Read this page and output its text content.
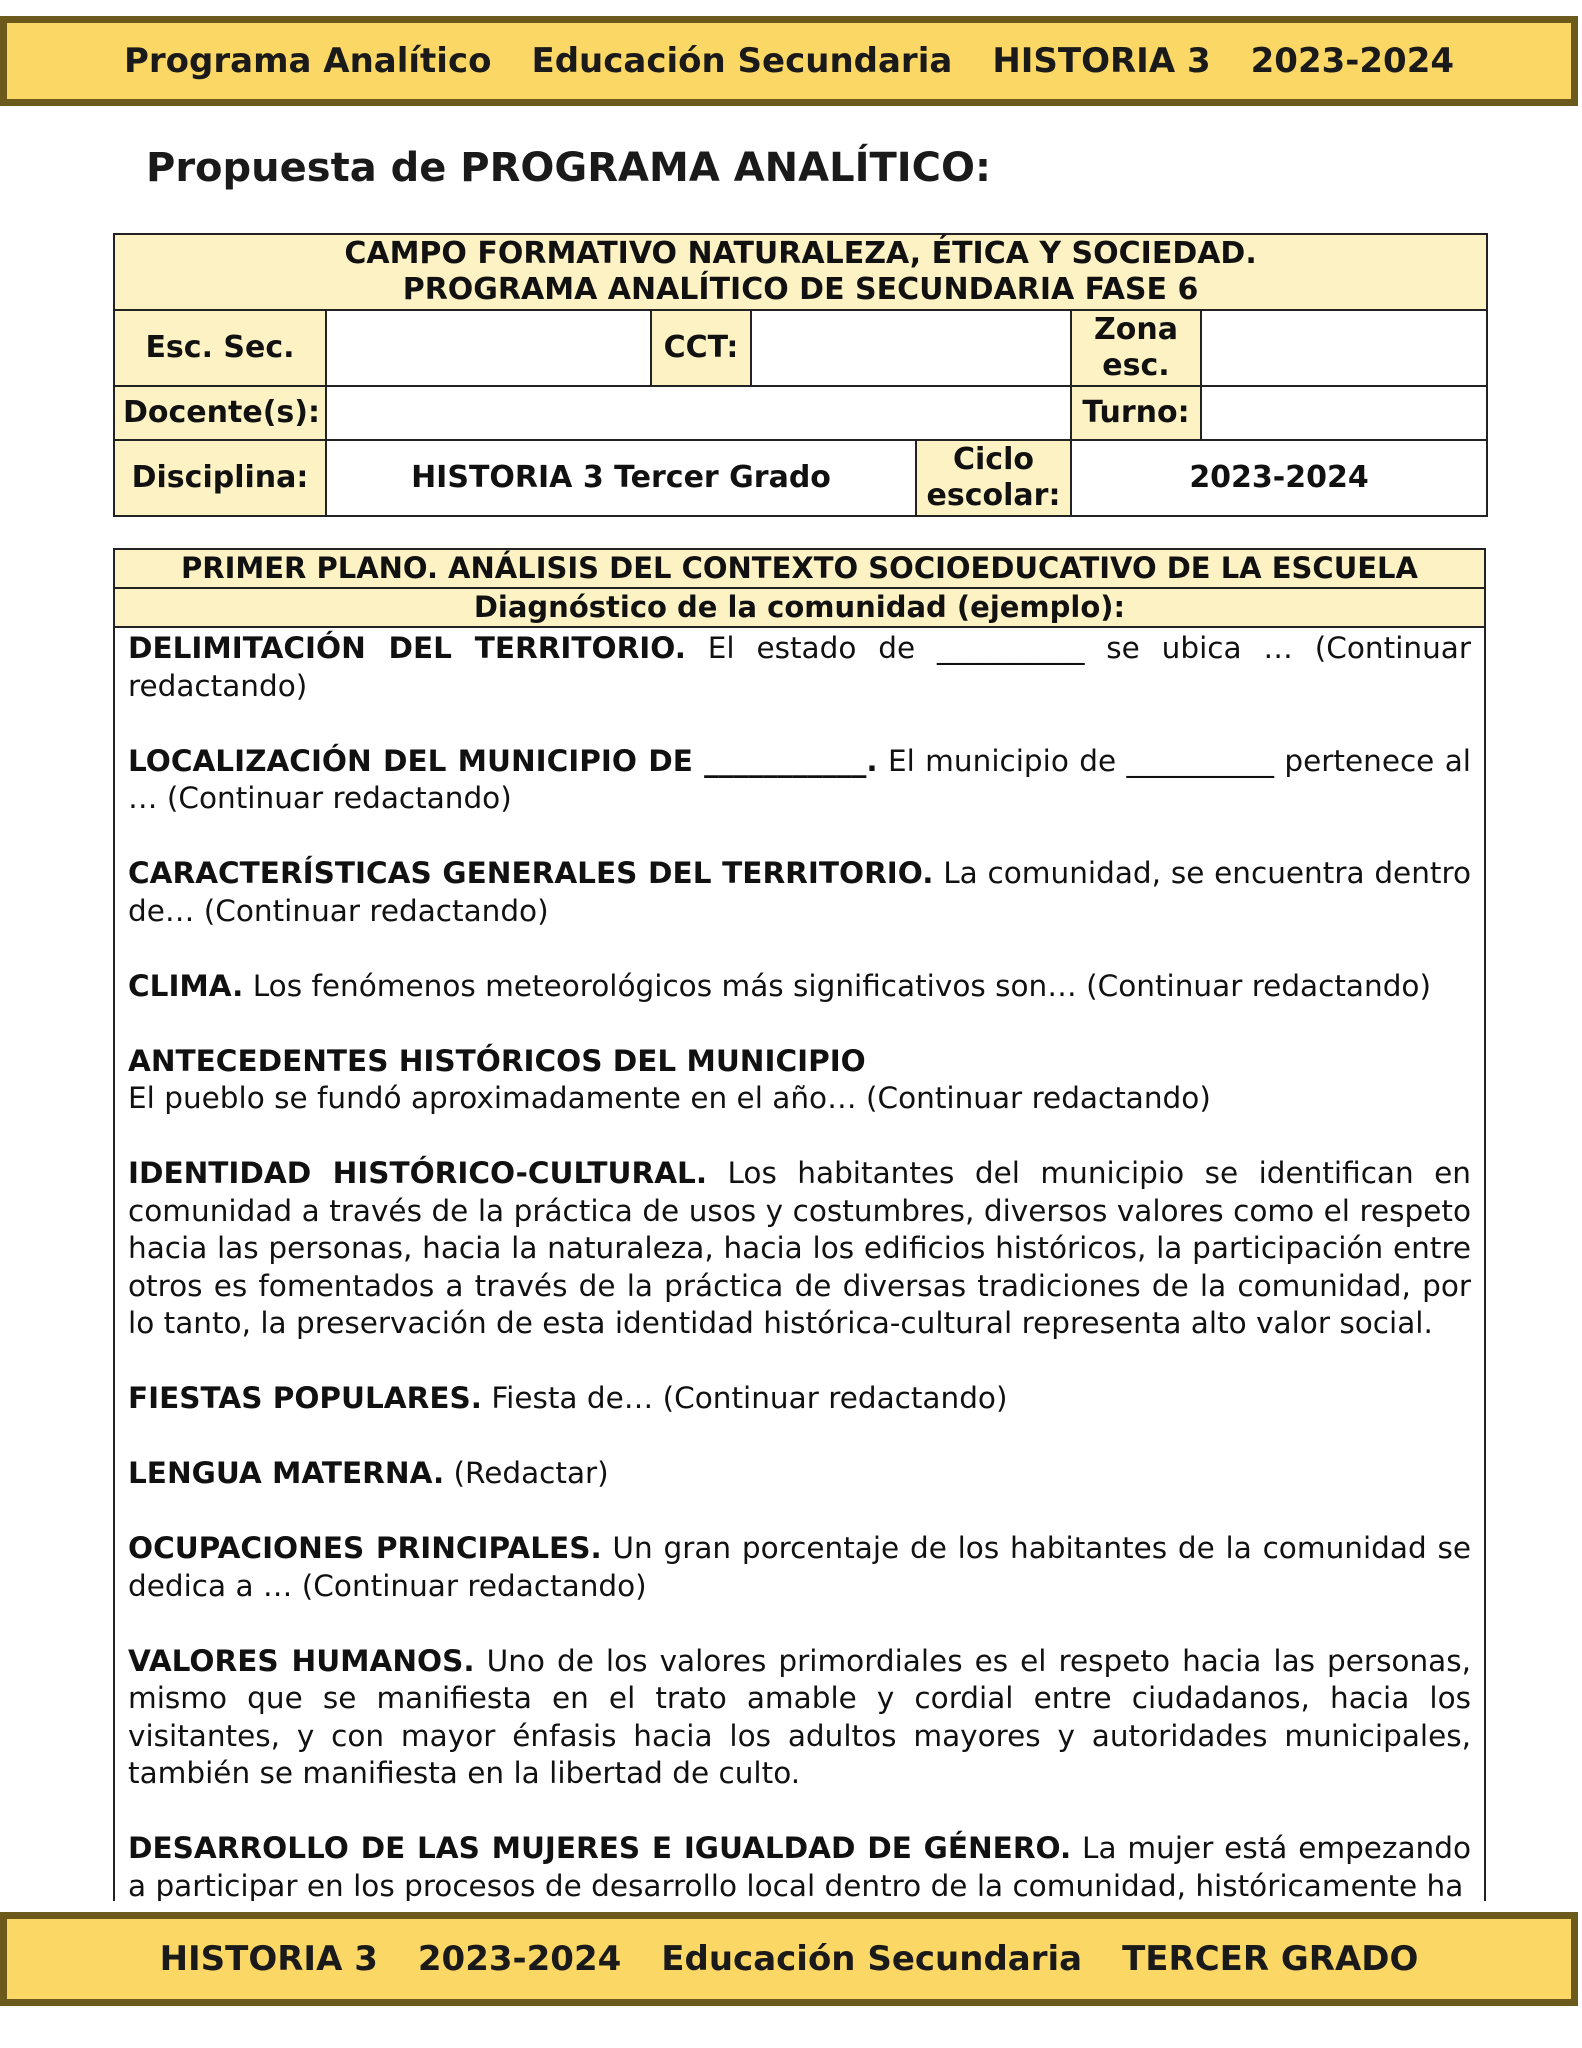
Programa Analítico Educación Secundaria HISTORIA 3 2023-2024
Propuesta de PROGRAMA ANALÍTICO:
CAMPO FORMATIVO NATURALEZA, ÉTICA Y SOCIEDAD.
PROGRAMA ANALÍTICO DE SECUNDARIA FASE 6						

Esc. Sec.		CCT:			Zona
esc.	

Docente(s):					Turno:	
Disciplina:	HISTORIA 3 Tercer Grado			Ciclo
escolar:	2023-2024	
PRIMER PLANO. ANÁLISIS DEL CONTEXTO SOCIOEDUCATIVO DE LA ESCUELA
Diagnóstico de la comunidad (ejemplo):

DELIMITACIÓN DEL TERRITORIO. El estado de __________ se ubica … (Continuar redactando)

LOCALIZACIÓN DEL MUNICIPIO DE ___________. El municipio de __________ pertenece al … (Continuar redactando)

CARACTERÍSTICAS GENERALES DEL TERRITORIO. La comunidad, se encuentra dentro de… (Continuar redactando)

CLIMA. Los fenómenos meteorológicos más significativos son… (Continuar redactando)

ANTECEDENTES HISTÓRICOS DEL MUNICIPIO
El pueblo se fundó aproximadamente en el año… (Continuar redactando)

IDENTIDAD HISTÓRICO-CULTURAL. Los habitantes del municipio se identifican en comunidad a través de la práctica de usos y costumbres, diversos valores como el respeto hacia las personas, hacia la naturaleza, hacia los edificios históricos, la participación entre otros es fomentados a través de la práctica de diversas tradiciones de la comunidad, por lo tanto, la preservación de esta identidad histórica-cultural representa alto valor social.

FIESTAS POPULARES. Fiesta de… (Continuar redactando)

LENGUA MATERNA. (Redactar)

OCUPACIONES PRINCIPALES. Un gran porcentaje de los habitantes de la comunidad se dedica a … (Continuar redactando)

VALORES HUMANOS. Uno de los valores primordiales es el respeto hacia las personas, mismo que se manifiesta en el trato amable y cordial entre ciudadanos, hacia los visitantes, y con mayor énfasis hacia los adultos mayores y autoridades municipales, también se manifiesta en la libertad de culto.

DESARROLLO DE LAS MUJERES E IGUALDAD DE GÉNERO. La mujer está empezando a participar en los procesos de desarrollo local dentro de la comunidad, históricamente ha

HISTORIA 3 2023-2024 Educación Secundaria TERCER GRADO
